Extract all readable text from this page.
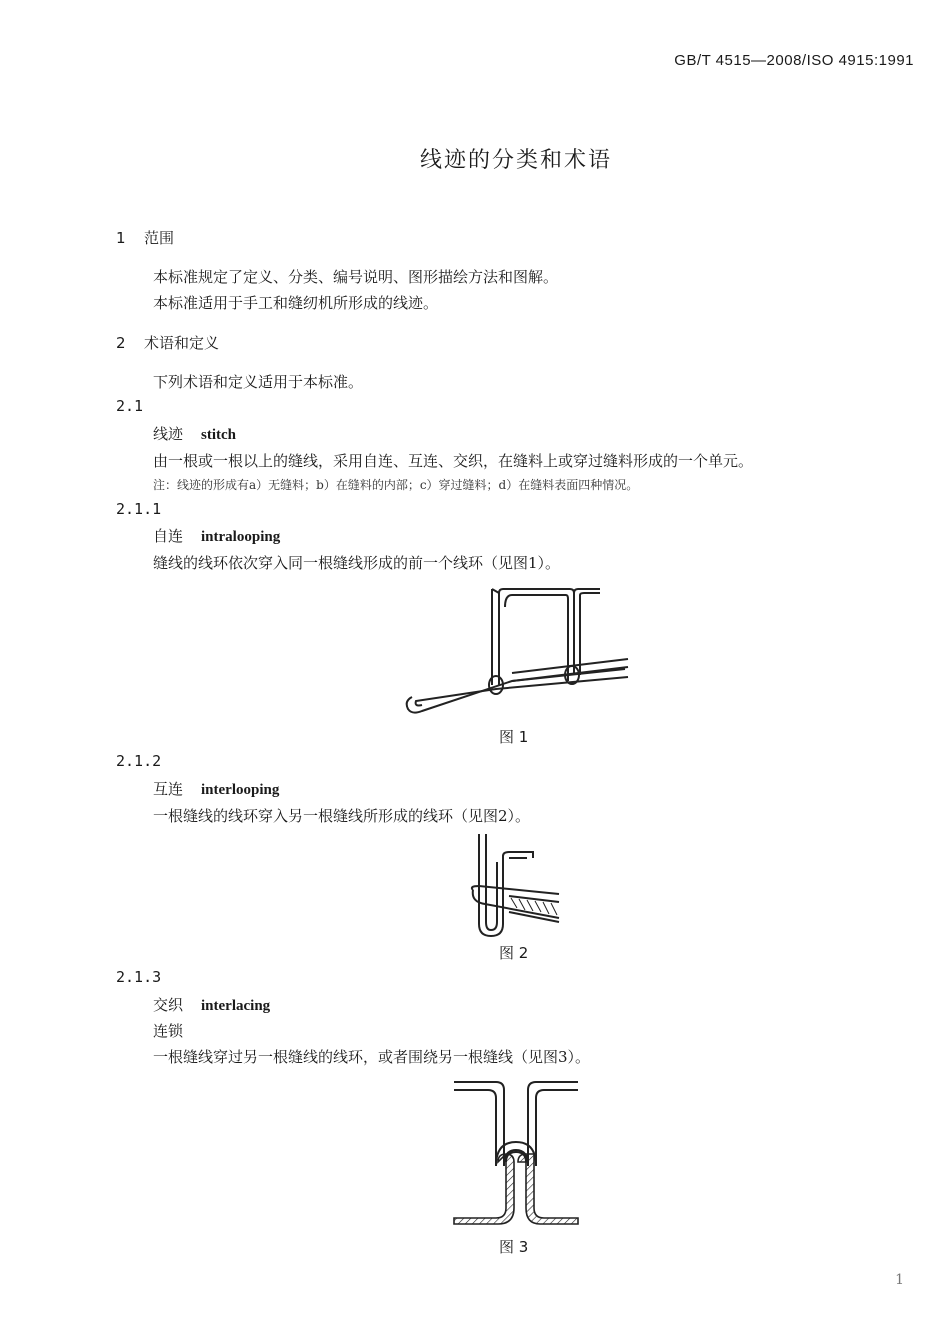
GB/T 4515—2008/ISO 4915:1991
线迹的分类和术语
1 范围
本标准规定了定义、分类、编号说明、图形描绘方法和图解。
本标准适用于手工和缝纫机所形成的线迹。
2 术语和定义
下列术语和定义适用于本标准。
2.1
线迹 stitch
由一根或一根以上的缝线，采用自连、互连、交织，在缝料上或穿过缝料形成的一个单元。
注：线迹的形成有a）无缝料；b）在缝料的内部；c）穿过缝料；d）在缝料表面四种情况。
2.1.1
自连 intralooping
缝线的线环依次穿入同一根缝线形成的前一个线环（见图1）。
图 1
2.1.2
互连 interlooping
一根缝线的线环穿入另一根缝线所形成的线环（见图2）。
图 2
2.1.3
交织 interlacing
连锁
一根缝线穿过另一根缝线的线环，或者围绕另一根缝线（见图3）。
图 3
1
